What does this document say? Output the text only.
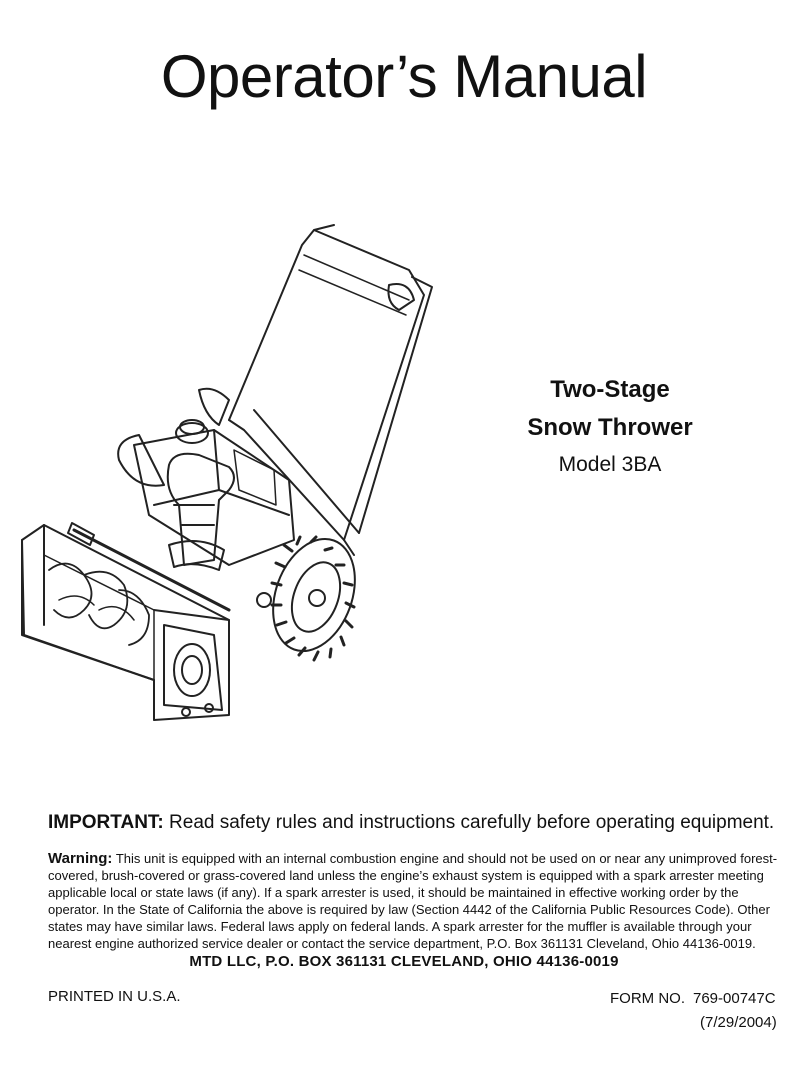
Operator’s Manual

Two-Stage

Snow Thrower

Model 3BA

IMPORTANT: Read safety rules and instructions carefully before operating equipment.
Warning: This unit is equipped with an internal combustion engine and should not be used on or near any unimproved forest-covered, brush-covered or grass-covered land unless the engine’s exhaust system is equipped with a spark arrester meeting applicable local or state laws (if any). If a spark arrester is used, it should be maintained in effective working order by the operator. In the State of California the above is required by law (Section 4442 of the California Public Resources Code). Other states may have similar laws. Federal laws apply on federal lands. A spark arrester for the muffler is available through your nearest engine authorized service dealer or contact the service department, P.O. Box 361131 Cleveland, Ohio 44136-0019.
MTD LLC, P.O. BOX 361131 CLEVELAND, OHIO 44136-0019
PRINTED IN U.S.A.	FORM NO. 769-00747C
(7/29/2004)
